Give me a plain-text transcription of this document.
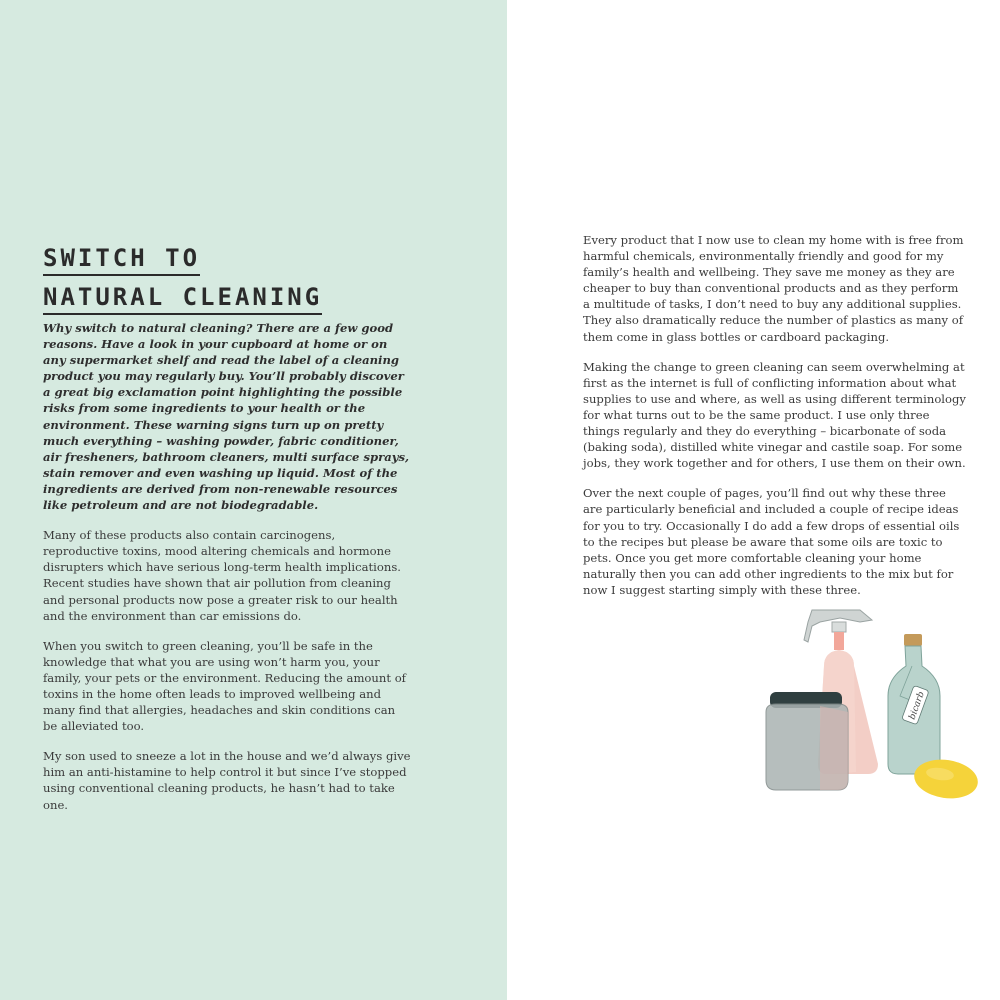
SWITCH TO
NATURAL CLEANING

Why switch to natural cleaning? There are a few good reasons. Have a look in your cupboard at home or on any supermarket shelf and read the label of a cleaning product you may regularly buy. You’ll probably discover a great big exclamation point highlighting the possible risks from some ingredients to your health or the environment. These warning signs turn up on pretty much everything – washing powder, fabric conditioner, air fresheners, bathroom cleaners, multi surface sprays, stain remover and even washing up liquid. Most of the ingredients are derived from non-renewable resources like petroleum and are not biodegradable.

Many of these products also contain carcinogens, reproductive toxins, mood altering chemicals and hormone disrupters which have serious long-term health implications. Recent studies have shown that air pollution from cleaning and personal products now pose a greater risk to our health and the environment than car emissions do.

When you switch to green cleaning, you’ll be safe in the knowledge that what you are using won’t harm you, your family, your pets or the environment. Reducing the amount of toxins in the home often leads to improved wellbeing and many find that allergies, headaches and skin conditions can be alleviated too.

My son used to sneeze a lot in the house and we’d always give him an anti-histamine to help control it but since I’ve stopped using conventional cleaning products, he hasn’t had to take one.

Every product that I now use to clean my home with is free from harmful chemicals, environmentally friendly and good for my family’s health and wellbeing. They save me money as they are cheaper to buy than conventional products and as they perform a multitude of tasks, I don’t need to buy any additional supplies. They also dramatically reduce the number of plastics as many of them come in glass bottles or cardboard packaging.

Making the change to green cleaning can seem overwhelming at first as the internet is full of conflicting information about what supplies to use and where, as well as using different terminology for what turns out to be the same product. I use only three things regularly and they do everything – bicarbonate of soda (baking soda), distilled white vinegar and castile soap. For some jobs, they work together and for others, I use them on their own.

Over the next couple of pages, you’ll find out why these three are particularly beneficial and included a couple of recipe ideas for you to try. Occasionally I do add a few drops of essential oils to the recipes but please be aware that some oils are toxic to pets. Once you get more comfortable cleaning your home naturally then you can add other ingredients to the mix but for now I suggest starting simply with these three.

bicarb
